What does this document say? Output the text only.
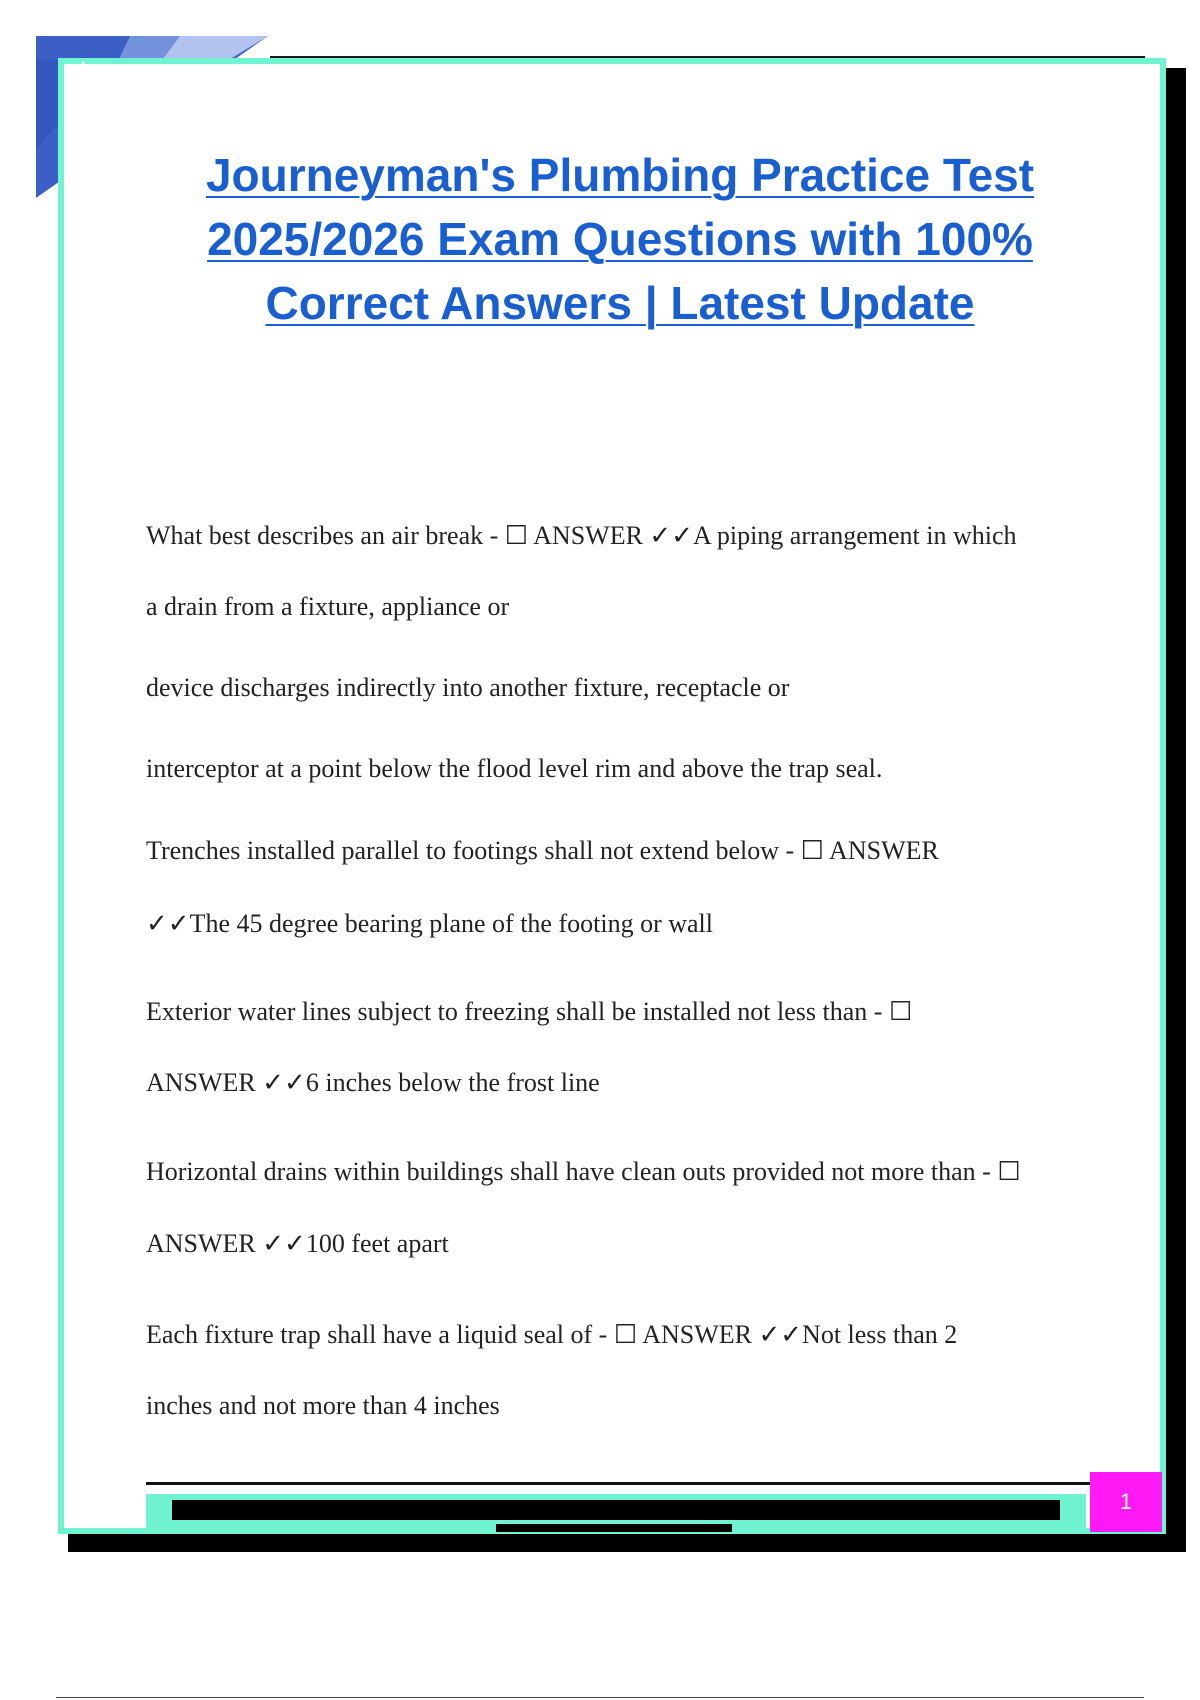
1
Journeyman's Plumbing Practice Test
2025/2026 Exam Questions with 100%
Correct Answers | Latest Update
What best describes an air break - ☐ ANSWER ✓✓A piping arrangement in which
a drain from a fixture, appliance or
device discharges indirectly into another fixture, receptacle or
interceptor at a point below the flood level rim and above the trap seal.
Trenches installed parallel to footings shall not extend below - ☐ ANSWER
✓✓The 45 degree bearing plane of the footing or wall
Exterior water lines subject to freezing shall be installed not less than - ☐
ANSWER ✓✓6 inches below the frost line
Horizontal drains within buildings shall have clean outs provided not more than - ☐
ANSWER ✓✓100 feet apart
Each fixture trap shall have a liquid seal of - ☐ ANSWER ✓✓Not less than 2
inches and not more than 4 inches
1
